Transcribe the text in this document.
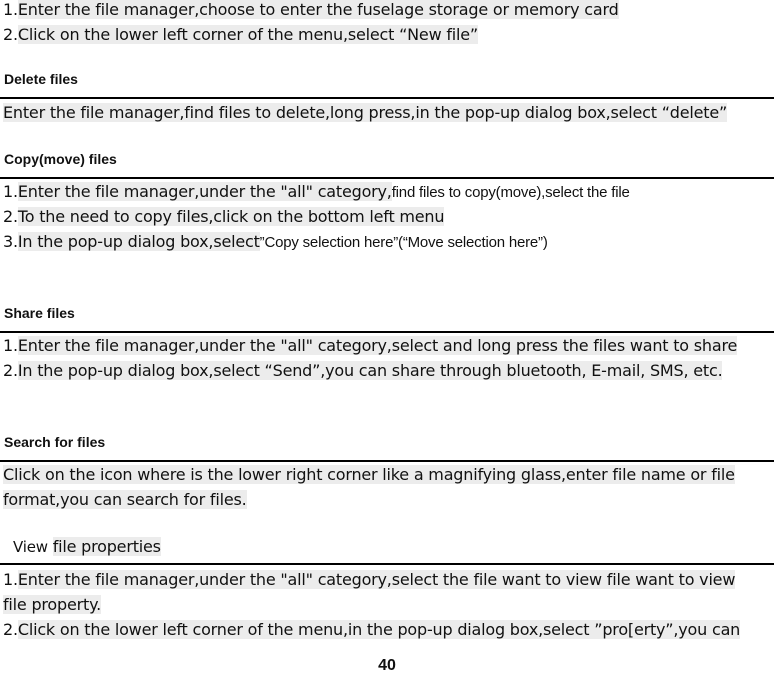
1.Enter the file manager,choose to enter the fuselage storage or memory card
2.Click on the lower left corner of the menu,select “New file”
Delete files
Enter the file manager,find files to delete,long press,in the pop-up dialog box,select “delete”
Copy(move) files
1.Enter the file manager,under the "all" category,find files to copy(move),select the file
2.To the need to copy files,click on the bottom left menu
3.In the pop-up dialog box,select”Copy selection here”(“Move selection here”)
Share files
1.Enter the file manager,under the "all" category,select and long press the files want to share
2.In the pop-up dialog box,select “Send”,you can share through bluetooth, E-mail, SMS, etc.
Search for files
Click on the icon where is the lower right corner like a magnifying glass,enter file name or file
format,you can search for files.
View file properties
1.Enter the file manager,under the "all" category,select the file want to view file want to view
file property.
2.Click on the lower left corner of the menu,in the pop-up dialog box,select ”pro[erty”,you can
40
